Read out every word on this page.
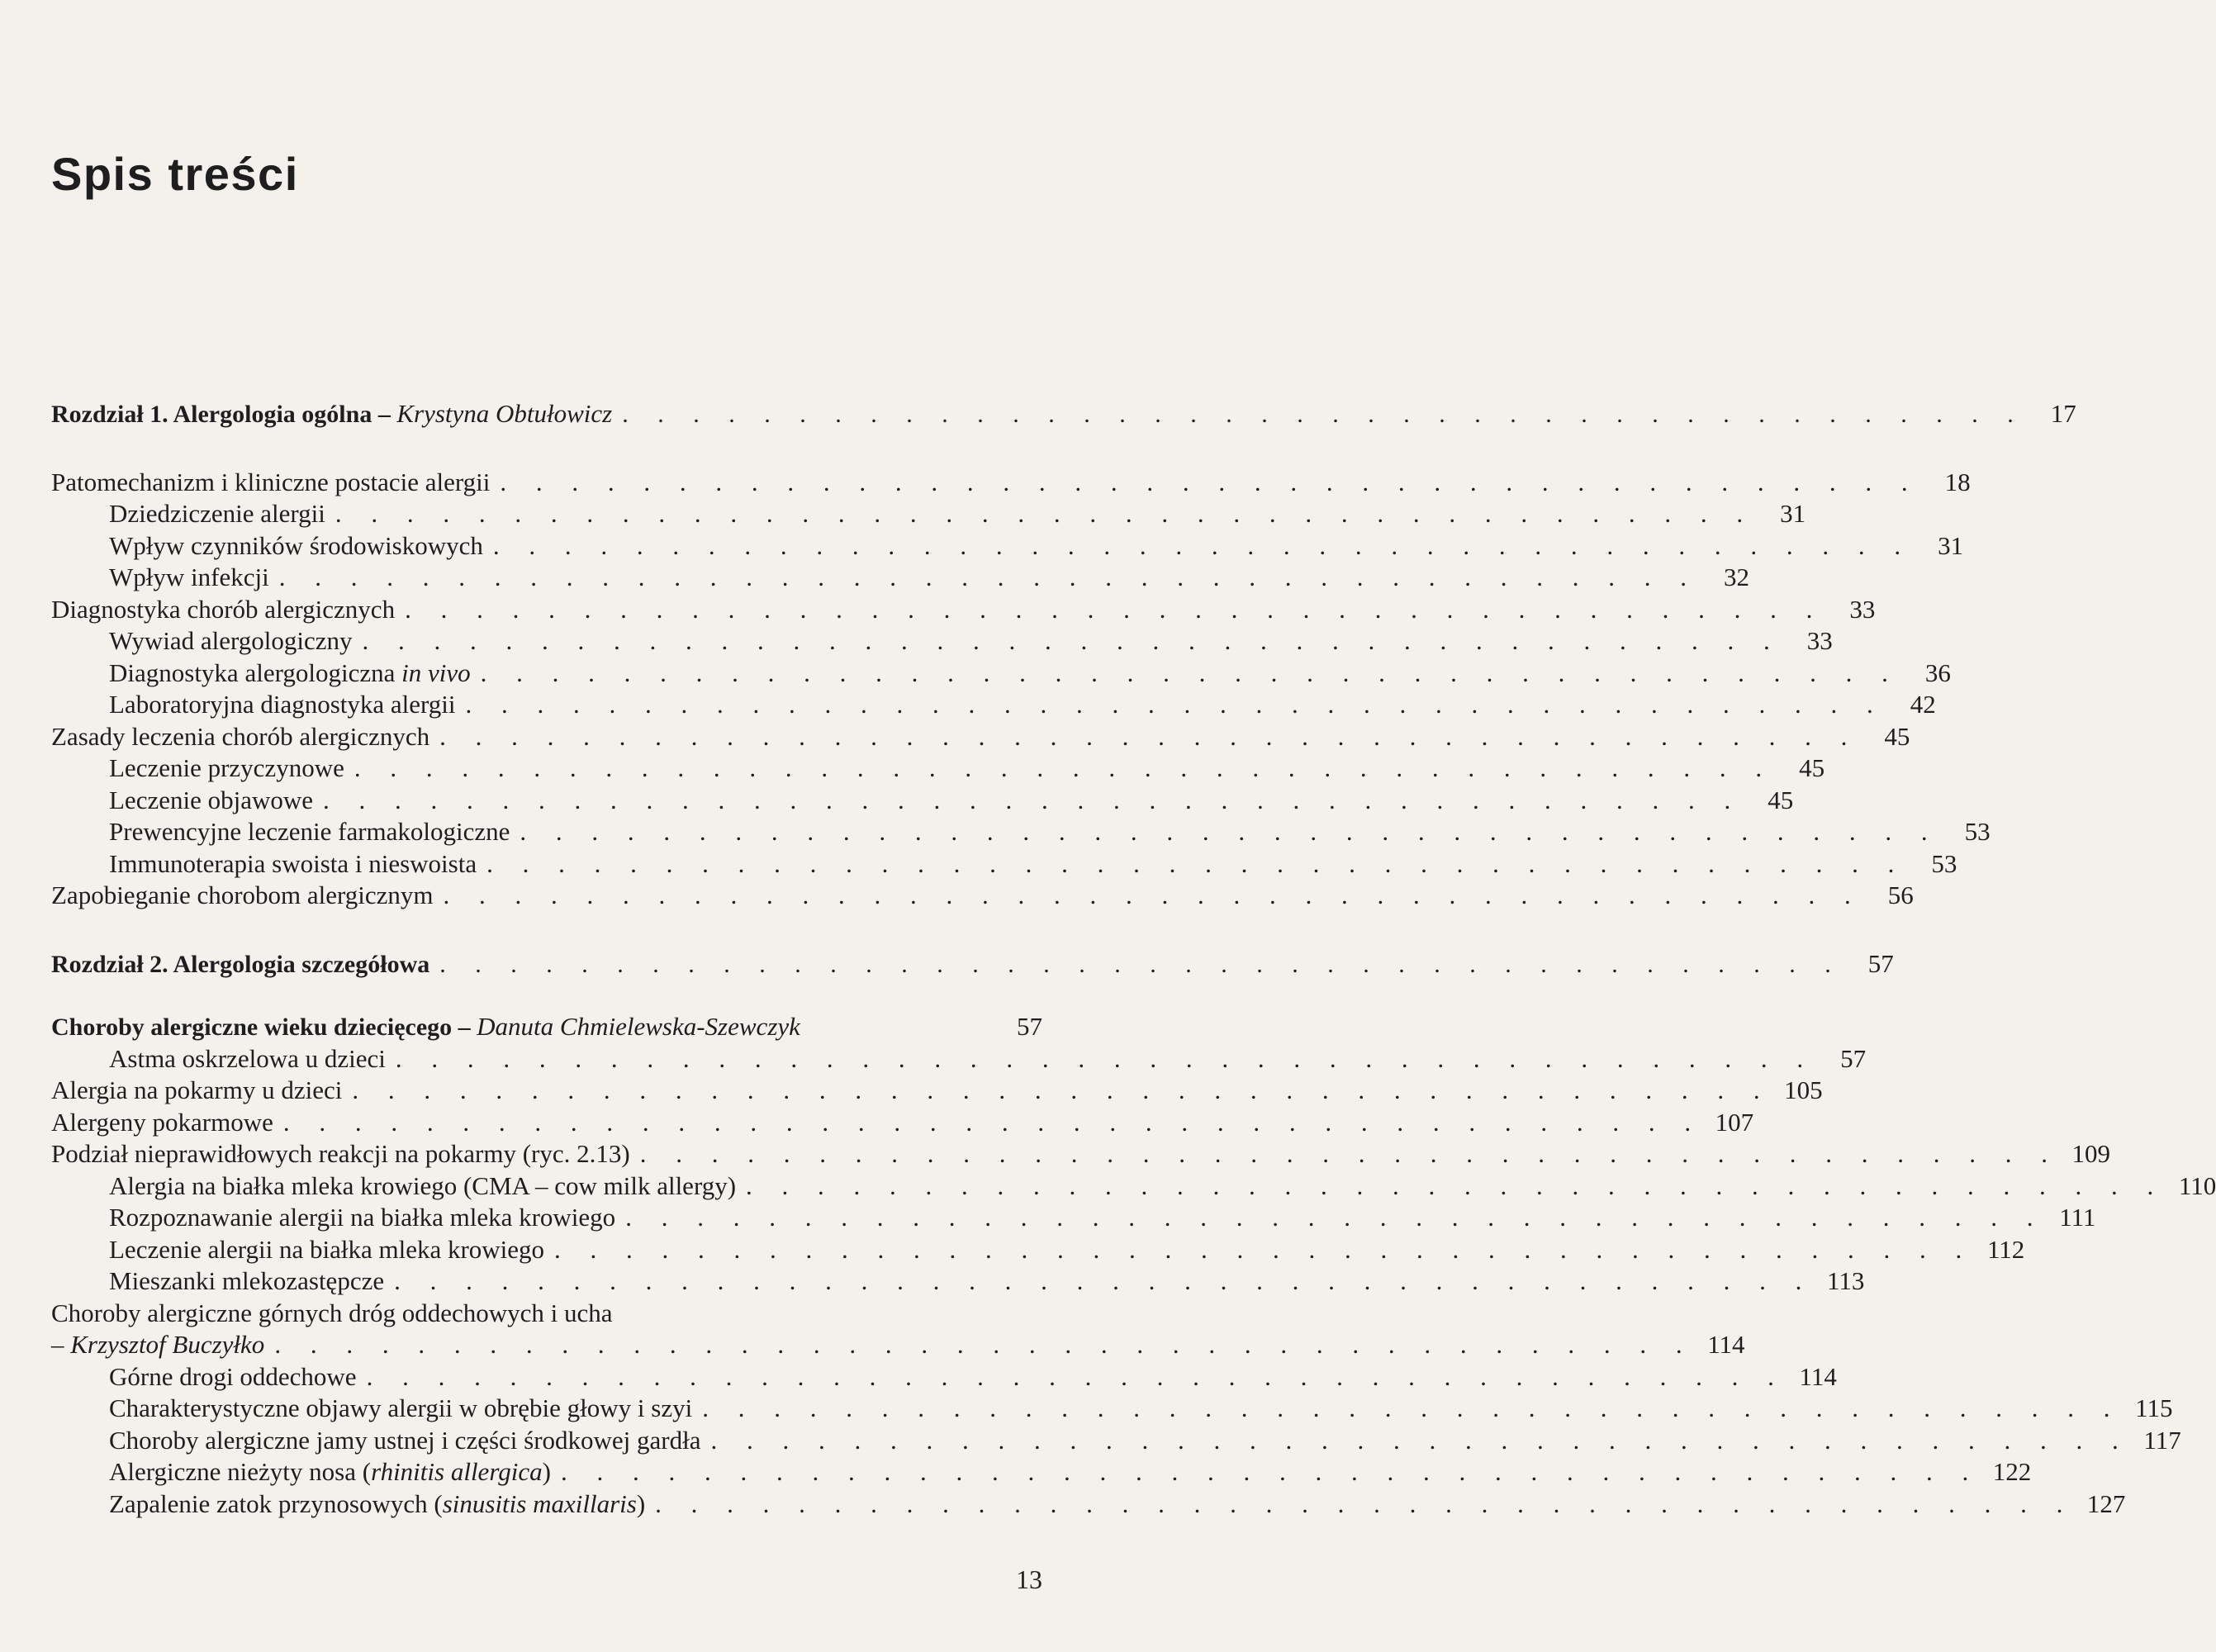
Spis treści
Rozdział 1. Alergologia ogólna – Krystyna Obtułowicz . . . . . . . . . . . . . . . . . . . . . . . . . . . . . . . . . . . . . . . .	17
Patomechanizm i kliniczne postacie alergii . . . . . . . . . . . . . . . . . . . . . . . . . . . . . . . . . . . . . . . .	18
Dziedziczenie alergii . . . . . . . . . . . . . . . . . . . . . . . . . . . . . . . . . . . . . . . .	31
Wpływ czynników środowiskowych . . . . . . . . . . . . . . . . . . . . . . . . . . . . . . . . . . . . . . . .	31
Wpływ infekcji . . . . . . . . . . . . . . . . . . . . . . . . . . . . . . . . . . . . . . . .	32
Diagnostyka chorób alergicznych . . . . . . . . . . . . . . . . . . . . . . . . . . . . . . . . . . . . . . . .	33
Wywiad alergologiczny . . . . . . . . . . . . . . . . . . . . . . . . . . . . . . . . . . . . . . . .	33
Diagnostyka alergologiczna in vivo . . . . . . . . . . . . . . . . . . . . . . . . . . . . . . . . . . . . . . . .	36
Laboratoryjna diagnostyka alergii . . . . . . . . . . . . . . . . . . . . . . . . . . . . . . . . . . . . . . . .	42
Zasady leczenia chorób alergicznych . . . . . . . . . . . . . . . . . . . . . . . . . . . . . . . . . . . . . . . .	45
Leczenie przyczynowe . . . . . . . . . . . . . . . . . . . . . . . . . . . . . . . . . . . . . . . .	45
Leczenie objawowe . . . . . . . . . . . . . . . . . . . . . . . . . . . . . . . . . . . . . . . .	45
Prewencyjne leczenie farmakologiczne . . . . . . . . . . . . . . . . . . . . . . . . . . . . . . . . . . . . . . . .	53
Immunoterapia swoista i nieswoista . . . . . . . . . . . . . . . . . . . . . . . . . . . . . . . . . . . . . . . .	53
Zapobieganie chorobom alergicznym . . . . . . . . . . . . . . . . . . . . . . . . . . . . . . . . . . . . . . . .	56
Rozdział 2. Alergologia szczegółowa . . . . . . . . . . . . . . . . . . . . . . . . . . . . . . . . . . . . . . . .	57
Choroby alergiczne wieku dziecięcego – Danuta Chmielewska-Szewczyk	57
Astma oskrzelowa u dzieci . . . . . . . . . . . . . . . . . . . . . . . . . . . . . . . . . . . . . . . .	57
Alergia na pokarmy u dzieci . . . . . . . . . . . . . . . . . . . . . . . . . . . . . . . . . . . . . . . . 105
Alergeny pokarmowe . . . . . . . . . . . . . . . . . . . . . . . . . . . . . . . . . . . . . . . . 107
Podział nieprawidłowych reakcji na pokarmy (ryc. 2.13) . . . . . . . . . . . . . . . . . . . . . . . . . . . . . . . . . . . . . . . . 109
Alergia na białka mleka krowiego (CMA – cow milk allergy) . . . . . . . . . . . . . . . . . . . . . . . . . . . . . . . . . . . . . . . . 110
Rozpoznawanie alergii na białka mleka krowiego . . . . . . . . . . . . . . . . . . . . . . . . . . . . . . . . . . . . . . . . 111
Leczenie alergii na białka mleka krowiego . . . . . . . . . . . . . . . . . . . . . . . . . . . . . . . . . . . . . . . . 112
Mieszanki mlekozastępcze . . . . . . . . . . . . . . . . . . . . . . . . . . . . . . . . . . . . . . . . 113
Choroby alergiczne górnych dróg oddechowych i ucha
– Krzysztof Buczyłko . . . . . . . . . . . . . . . . . . . . . . . . . . . . . . . . . . . . . . . . 114
Górne drogi oddechowe . . . . . . . . . . . . . . . . . . . . . . . . . . . . . . . . . . . . . . . . 114
Charakterystyczne objawy alergii w obrębie głowy i szyi . . . . . . . . . . . . . . . . . . . . . . . . . . . . . . . . . . . . . . . . 115
Choroby alergiczne jamy ustnej i części środkowej gardła . . . . . . . . . . . . . . . . . . . . . . . . . . . . . . . . . . . . . . . . 117
Alergiczne nieżyty nosa (rhinitis allergica) . . . . . . . . . . . . . . . . . . . . . . . . . . . . . . . . . . . . . . . . 122
Zapalenie zatok przynosowych (sinusitis maxillaris) . . . . . . . . . . . . . . . . . . . . . . . . . . . . . . . . . . . . . . . . 127
13
